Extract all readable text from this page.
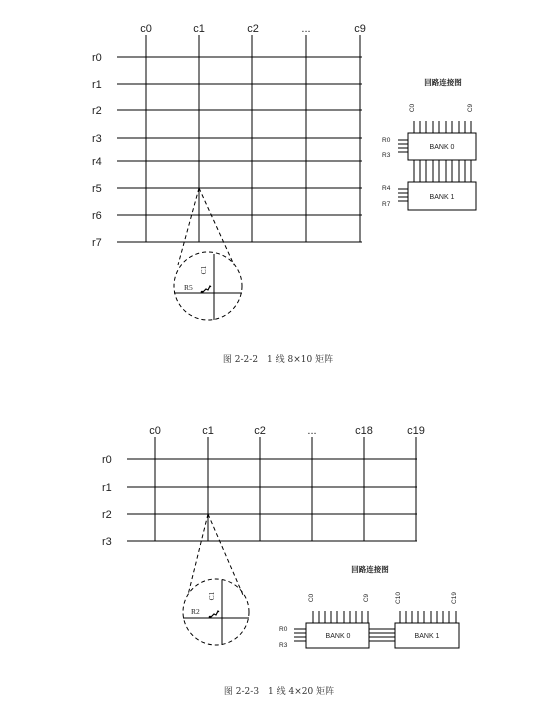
c0	c1	c2	...	c9
r0
r1
r2
r3
r4
r5
r6
r7
C1
R5
回路连接图
C0	C9
BANK 0
R0
R3
BANK 1
R4
R7
图 2-2-2　1 线 8×10 矩阵
c0	c1	c2	...	c18	c19
r0
r1
r2
r3
C1
R2
回路连接图
C0	C9	C10	C19
BANK 0	BANK 1
R0
R3
图 2-2-3　1 线 4×20 矩阵
